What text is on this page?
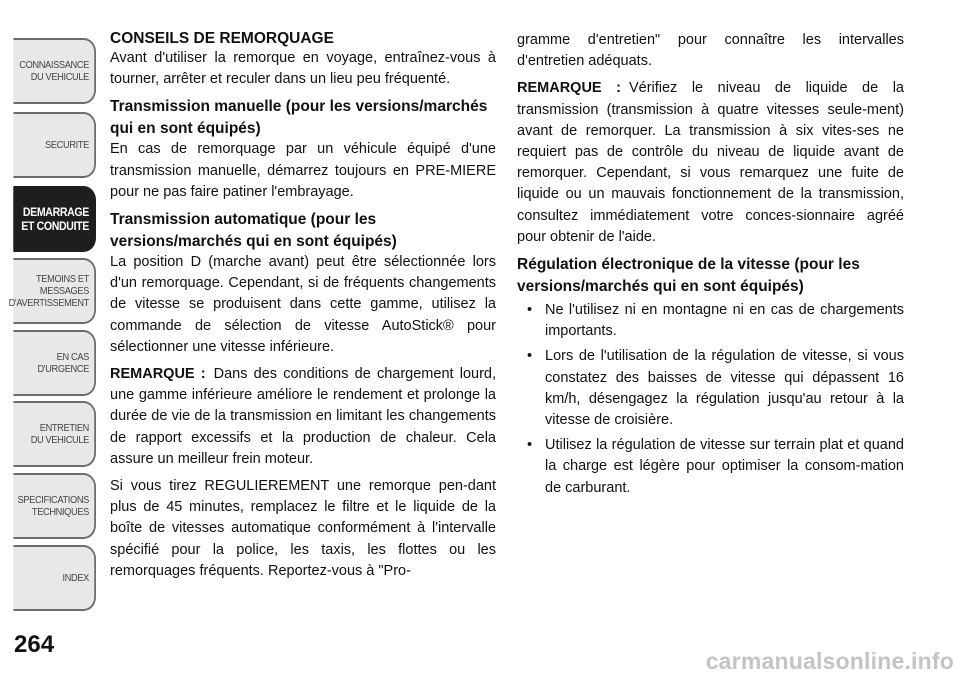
CONNAISSANCE
DU VEHICULE
SECURITE
DEMARRAGE
ET CONDUITE
TEMOINS ET
MESSAGES
D'AVERTISSEMENT
EN CAS
D'URGENCE
ENTRETIEN
DU VEHICULE
SPECIFICATIONS
TECHNIQUES
INDEX
264
CONSEILS DE REMORQUAGE

Avant d'utiliser la remorque en voyage, entraînez-vous à tourner, arrêter et reculer dans un lieu peu fréquenté.

Transmission manuelle (pour les versions/marchés qui en sont équipés)

En cas de remorquage par un véhicule équipé d'une transmission manuelle, démarrez toujours en PRE-MIERE pour ne pas faire patiner l'embrayage.

Transmission automatique (pour les versions/marchés qui en sont équipés)

La position D (marche avant) peut être sélectionnée lors d'un remorquage. Cependant, si de fréquents changements de vitesse se produisent dans cette gamme, utilisez la commande de sélection de vitesse AutoStick® pour sélectionner une vitesse inférieure.

REMARQUE : Dans des conditions de chargement lourd, une gamme inférieure améliore le rendement et prolonge la durée de vie de la transmission en limitant les changements de rapport excessifs et la production de chaleur. Cela assure un meilleur frein moteur.

Si vous tirez REGULIEREMENT une remorque pen-dant plus de 45 minutes, remplacez le filtre et le liquide de la boîte de vitesses automatique conformément à l'intervalle spécifié pour la police, les taxis, les flottes ou les remorquages fréquents. Reportez-vous à "Pro-

gramme d'entretien" pour connaître les intervalles d'entretien adéquats.

REMARQUE : Vérifiez le niveau de liquide de la transmission (transmission à quatre vitesses seule-ment) avant de remorquer. La transmission à six vites-ses ne requiert pas de contrôle du niveau de liquide avant de remorquer. Cependant, si vous remarquez une fuite de liquide ou un mauvais fonctionnement de la transmission, consultez immédiatement votre conces-sionnaire agréé pour obtenir de l'aide.

Régulation électronique de la vitesse (pour les versions/marchés qui en sont équipés)
• Ne l'utilisez ni en montagne ni en cas de chargements importants.
• Lors de l'utilisation de la régulation de vitesse, si vous constatez des baisses de vitesse qui dépassent 16 km/h, désengagez la régulation jusqu'au retour à la vitesse de croisière.
• Utilisez la régulation de vitesse sur terrain plat et quand la charge est légère pour optimiser la consom-mation de carburant.
carmanualsonline.info
